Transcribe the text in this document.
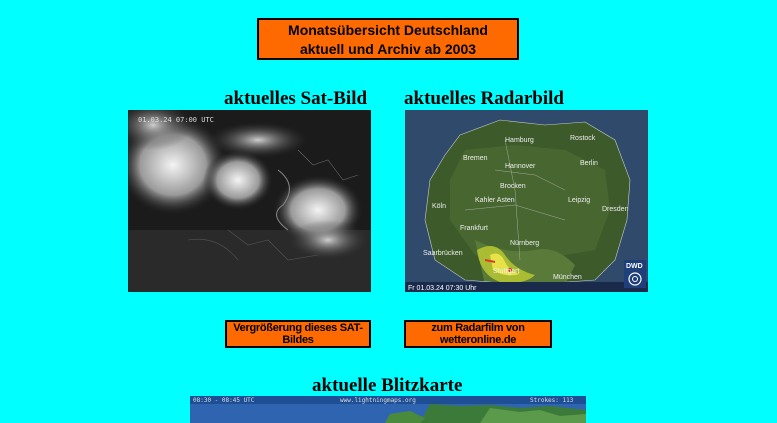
Monatsübersicht Deutschland
aktuell und Archiv ab 2003
aktuelles Sat-Bild aktuelles Radarbild
01.03.24 07:00 UTC
Hamburg	Rostock
Bremen
Berlin
Hannover
Brocken
Köln
Kahler Asten	Leipzig
Dresden
Frankfurt
Nürnberg
Saarbrücken
Stuttgart
München
Fr 01.03.24 07:30 Uhr
DWD
Vergrößerung dieses SAT-Bildes
zum Radarfilm von wetteronline.de
aktuelle Blitzkarte
08:30 - 08:45 UTC	www.lightningmaps.org	Strokes: 113
